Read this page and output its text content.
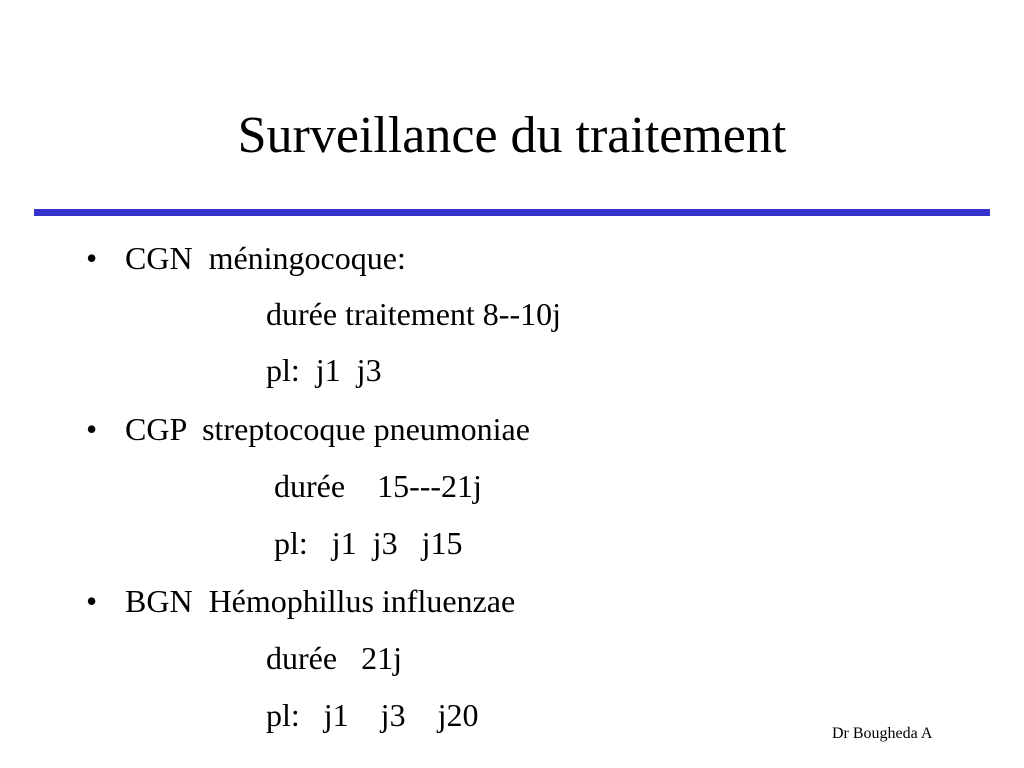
Surveillance du traitement
• CGN  méningocoque:
durée traitement 8--10j
pl:  j1  j3
• CGP  streptocoque pneumoniae
durée    15---21j
pl:   j1  j3   j15
• BGN  Hémophillus influenzae
durée   21j
pl:   j1    j3    j20
Dr Bougheda A
